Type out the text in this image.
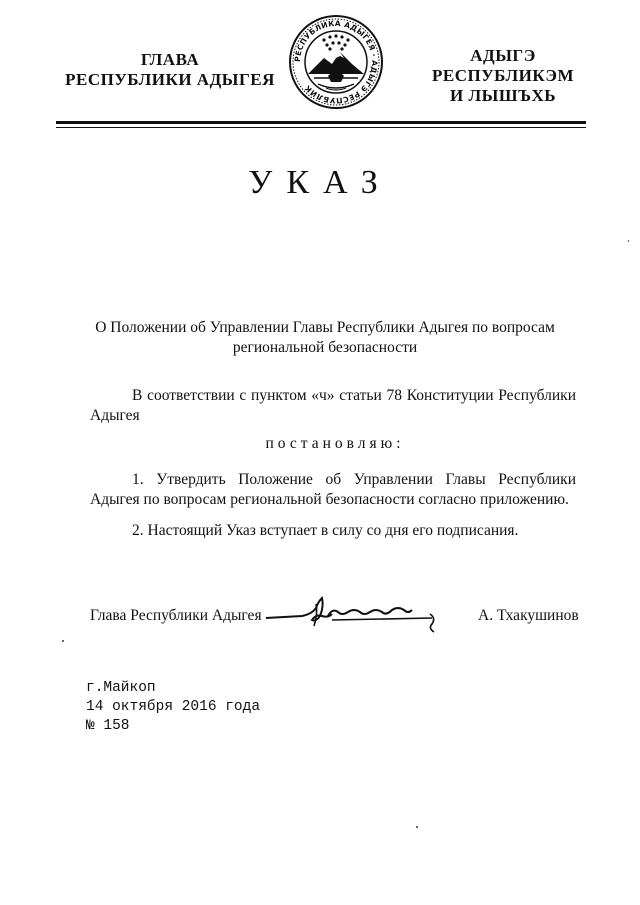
ГЛАВА
РЕСПУБЛИКИ АДЫГЕЯ
РЕСПУБЛИКА АДЫГЕЯ · АДЫГЭ РЕСПУБЛИК
АДЫГЭ РЕСПУБЛИКЭМ
И ЛЫШЪХЬ
УКАЗ
О Положении об Управлении Главы Республики Адыгея по вопросам региональной безопасности
В соответствии с пунктом «ч» статьи 78 Конституции Республики Адыгея
постановляю:
1. Утвердить Положение об Управлении Главы Республики Адыгея по вопросам региональной безопасности согласно приложению.
2. Настоящий Указ вступает в силу со дня его подписания.
Глава Республики Адыгея	А. Тхакушинов
г.Майкоп
14 октября 2016 года
№ 158
